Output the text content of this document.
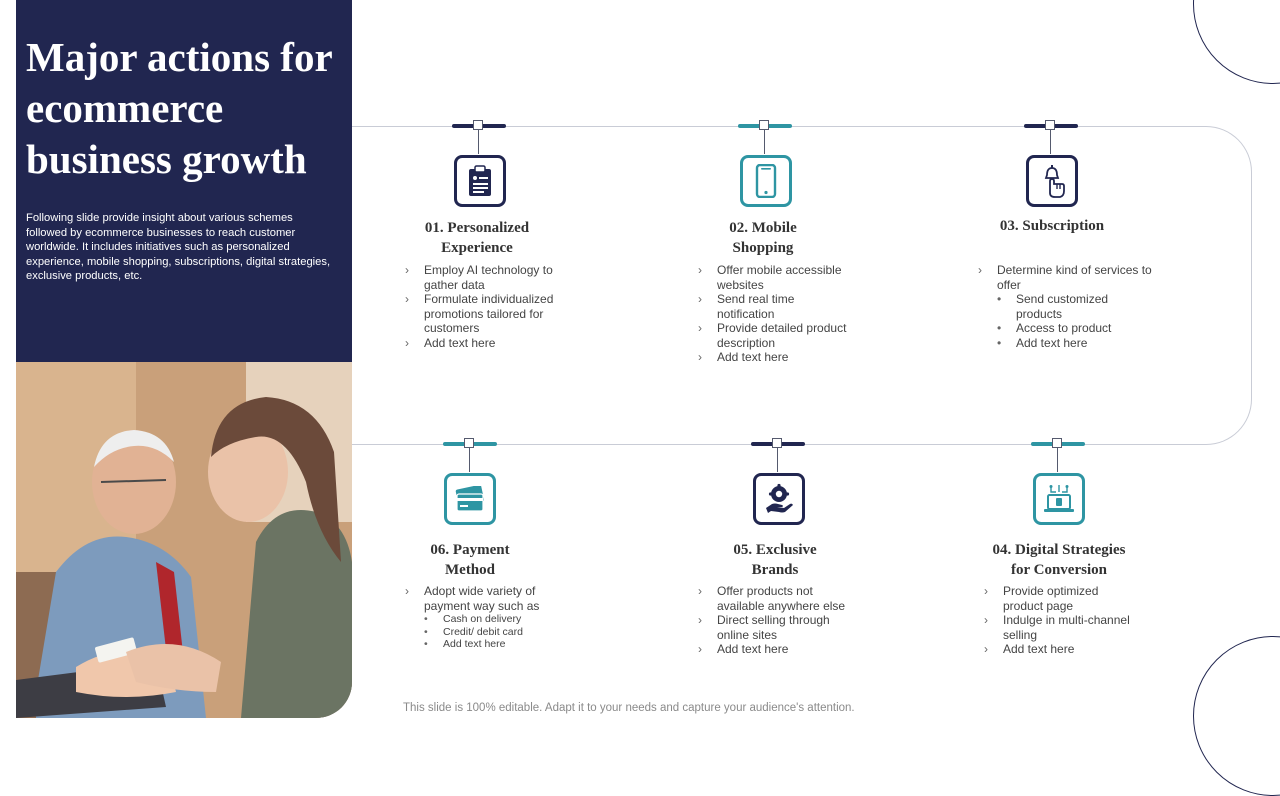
Major actions for ecommerce business growth

Following slide provide insight about various schemes followed by ecommerce businesses to reach customer worldwide. It includes initiatives such as personalized experience, mobile shopping, subscriptions, digital strategies, exclusive products, etc.

01. Personalized
Experience
› Employ AI technology to gather data
› Formulate individualized promotions tailored for customers
› Add text here
02. Mobile
Shopping
› Offer mobile accessible websites
› Send real time notification
› Provide detailed product description
› Add text here
03. Subscription
› Determine kind of services to offer
• Send customized products
• Access to product
• Add text here
06. Payment
Method
› Adopt wide variety of payment way such as
• Cash on delivery
• Credit/ debit card
• Add text here
05. Exclusive
Brands
› Offer products not available anywhere else
› Direct selling through online sites
› Add text here
04. Digital Strategies
for Conversion
› Provide optimized product page
› Indulge in multi-channel selling
› Add text here

This slide is 100% editable. Adapt it to your needs and capture your audience's attention.
